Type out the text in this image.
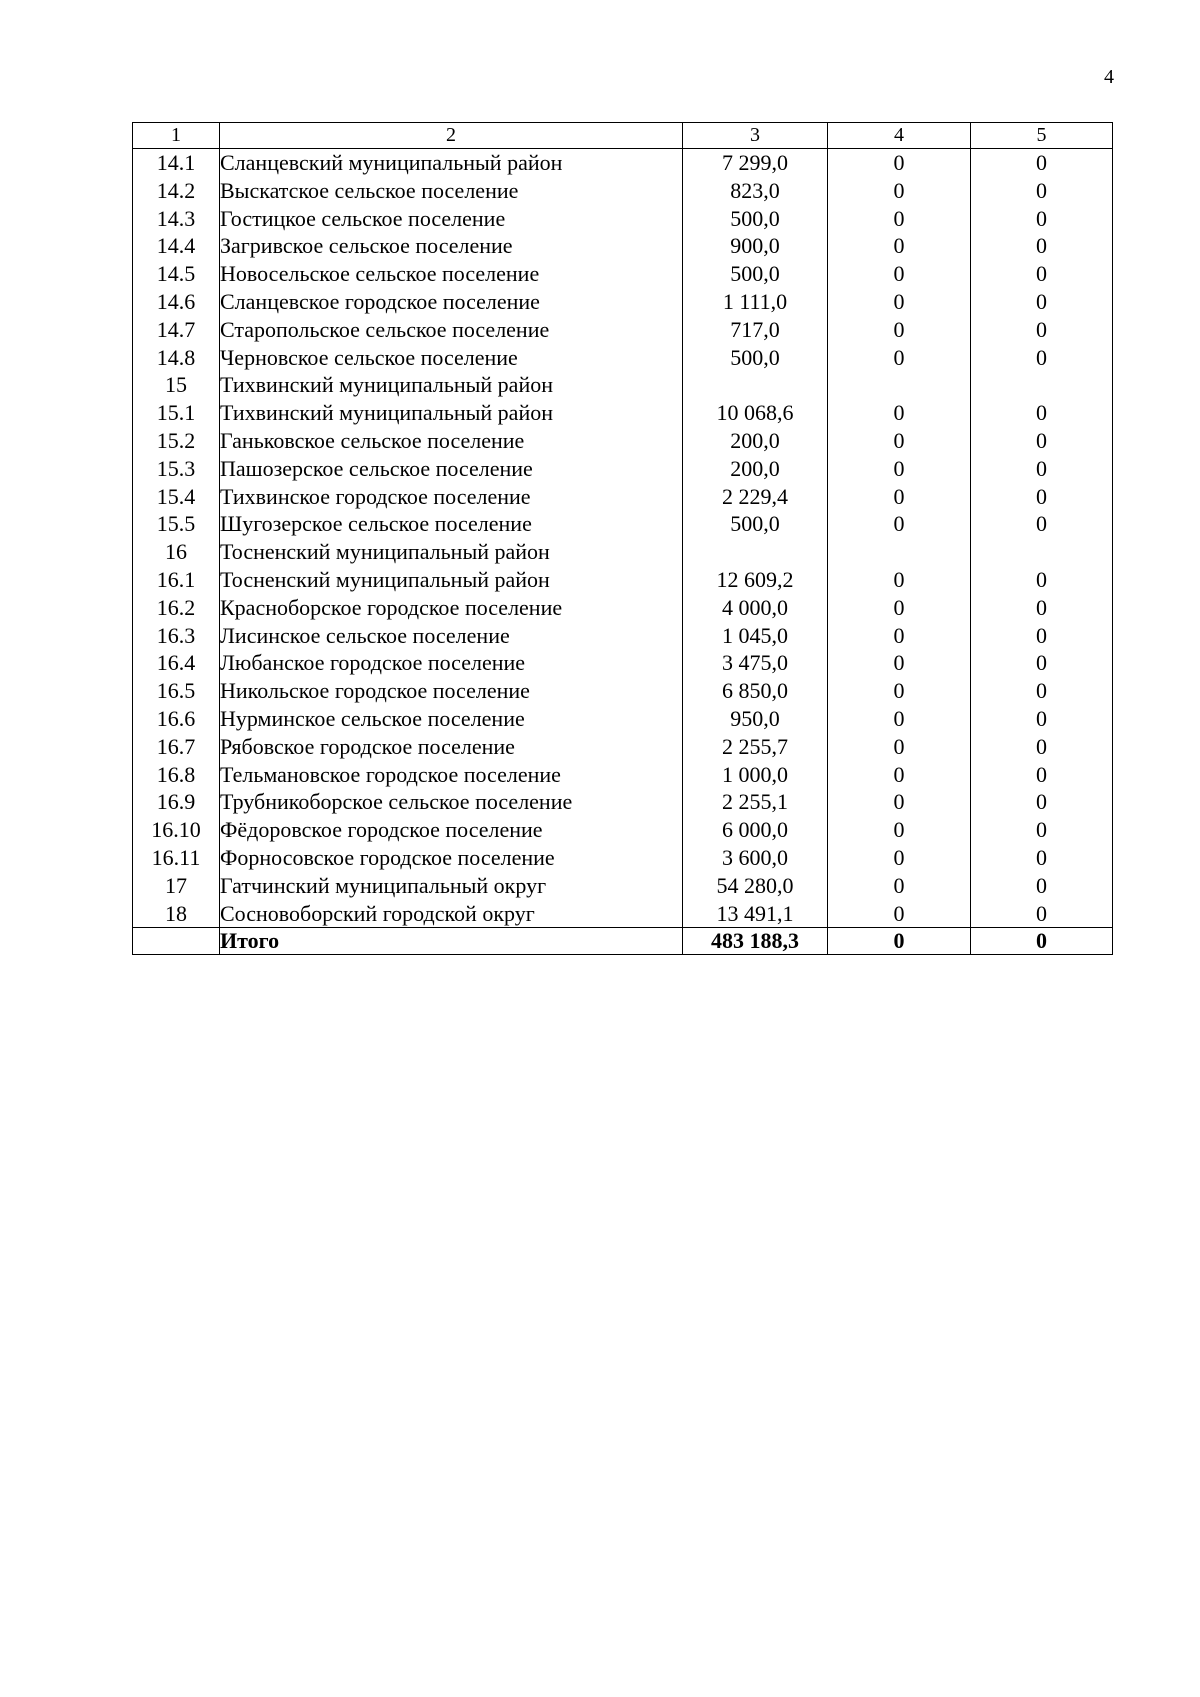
4
1	2	3	4	5
14.1	Сланцевский муниципальный район	7 299,0	0	0
14.2	Выскатское сельское поселение	823,0	0	0
14.3	Гостицкое сельское поселение	500,0	0	0
14.4	Загривское сельское поселение	900,0	0	0
14.5	Новосельское сельское поселение	500,0	0	0
14.6	Сланцевское городское поселение	1 111,0	0	0
14.7	Старопольское сельское поселение	717,0	0	0
14.8	Черновское сельское поселение	500,0	0	0
15	Тихвинский муниципальный район			
15.1	Тихвинский муниципальный район	10 068,6	0	0
15.2	Ганьковское сельское поселение	200,0	0	0
15.3	Пашозерское сельское поселение	200,0	0	0
15.4	Тихвинское городское поселение	2 229,4	0	0
15.5	Шугозерское сельское поселение	500,0	0	0
16	Тосненский муниципальный район			
16.1	Тосненский муниципальный район	12 609,2	0	0
16.2	Красноборское городское поселение	4 000,0	0	0
16.3	Лисинское сельское поселение	1 045,0	0	0
16.4	Любанское городское поселение	3 475,0	0	0
16.5	Никольское городское поселение	6 850,0	0	0
16.6	Нурминское сельское поселение	950,0	0	0
16.7	Рябовское городское поселение	2 255,7	0	0
16.8	Тельмановское городское поселение	1 000,0	0	0
16.9	Трубникоборское сельское поселение	2 255,1	0	0
16.10	Фёдоровское городское поселение	6 000,0	0	0
16.11	Форносовское городское поселение	3 600,0	0	0
17	Гатчинский муниципальный округ	54 280,0	0	0
18	Сосновоборский городской округ	13 491,1	0	0
	Итого	483 188,3	0	0
